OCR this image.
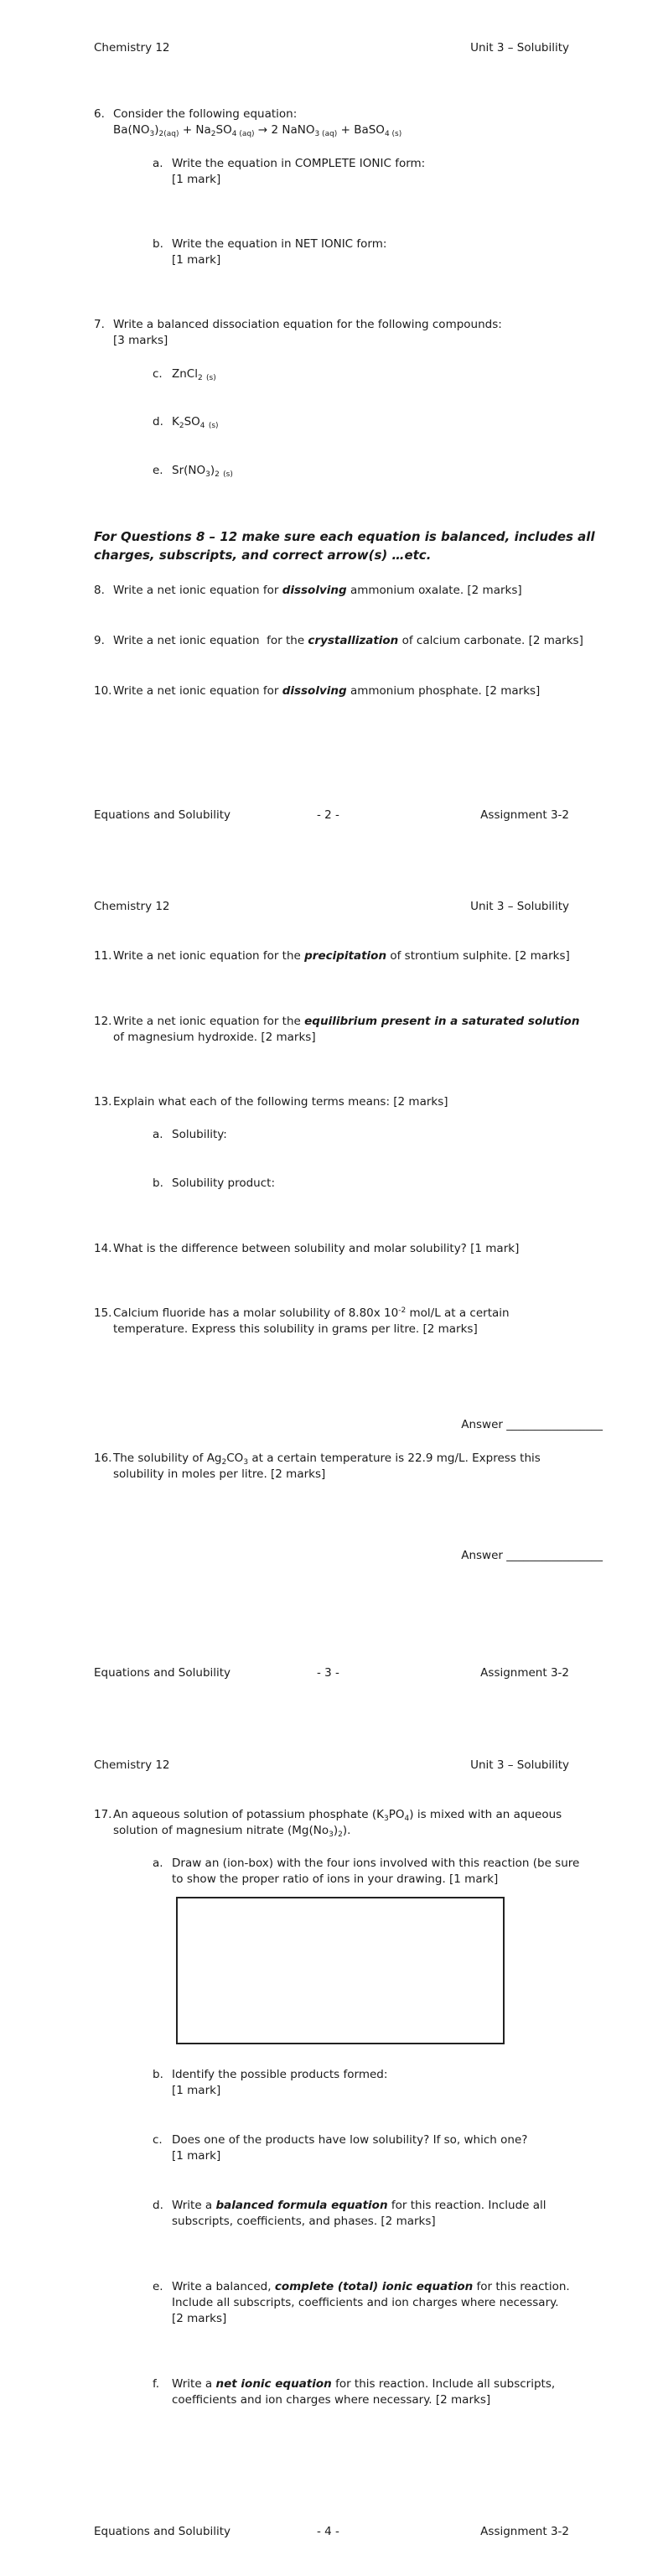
Chemistry 12	Unit 3 – Solubility
6. Consider the following equation:
$Ba(NO_3)_{2(aq)} + Na_2SO_{4 (aq)} \to 2$ NaNO$_{3 (aq)}$ + BaSO$_{4 (s)}$
a. Write the equation in COMPLETE IONIC form:
[1 mark]
b. Write the equation in NET IONIC form:
[1 mark]
7. Write a balanced dissociation equation for the following compounds:
[3 marks]
c. ZnCl$_2$ $_{(s)}$
d. $K_2SO_4$ $_{(s)}$
e. $Sr(NO_3)_2$ $_{(s)}$
For Questions 8 – 12 make sure each equation is balanced, includes all
charges, subscripts, and correct arrow(s) …etc.
8. Write a net ionic equation for dissolving ammonium oxalate. [2 marks]
9. Write a net ionic equation  for the crystallization of calcium carbonate. [2 marks]
10. Write a net ionic equation for dissolving ammonium phosphate. [2 marks]
Equations and Solubility	- 2 -	Assignment 3-2
Chemistry 12	Unit 3 – Solubility
11. Write a net ionic equation for the precipitation of strontium sulphite. [2 marks]
12. Write a net ionic equation for the equilibrium present in a saturated solution
of magnesium hydroxide. [2 marks]
13. Explain what each of the following terms means: [2 marks]
a. Solubility:
b. Solubility product:
14. What is the difference between solubility and molar solubility? [1 mark]
15. Calcium fluoride has a molar solubility of 8.80x $10^{-2}$ mol/L at a certain
temperature. Express this solubility in grams per litre. [2 marks]
Answer _________________
16. The solubility of $Ag_2CO_3$ at a certain temperature is 22.9 mg/L. Express this
solubility in moles per litre. [2 marks]
Answer _________________
Equations and Solubility	- 3 -	Assignment 3-2
Chemistry 12	Unit 3 – Solubility
17. An aqueous solution of potassium phosphate $(K_3PO_4)$ is mixed with an aqueous
solution of magnesium nitrate $(Mg(No_3)_2)$.
a. Draw an (ion-box) with the four ions involved with this reaction (be sure
to show the proper ratio of ions in your drawing. [1 mark]
b. Identify the possible products formed:
[1 mark]
c. Does one of the products have low solubility? If so, which one?
[1 mark]
d. Write a balanced formula equation for this reaction. Include all
subscripts, coefficients, and phases. [2 marks]
e. Write a balanced, complete (total) ionic equation for this reaction.
Include all subscripts, coefficients and ion charges where necessary.
[2 marks]
f. Write a net ionic equation for this reaction. Include all subscripts,
coefficients and ion charges where necessary. [2 marks]
Equations and Solubility	- 4 -	Assignment 3-2
